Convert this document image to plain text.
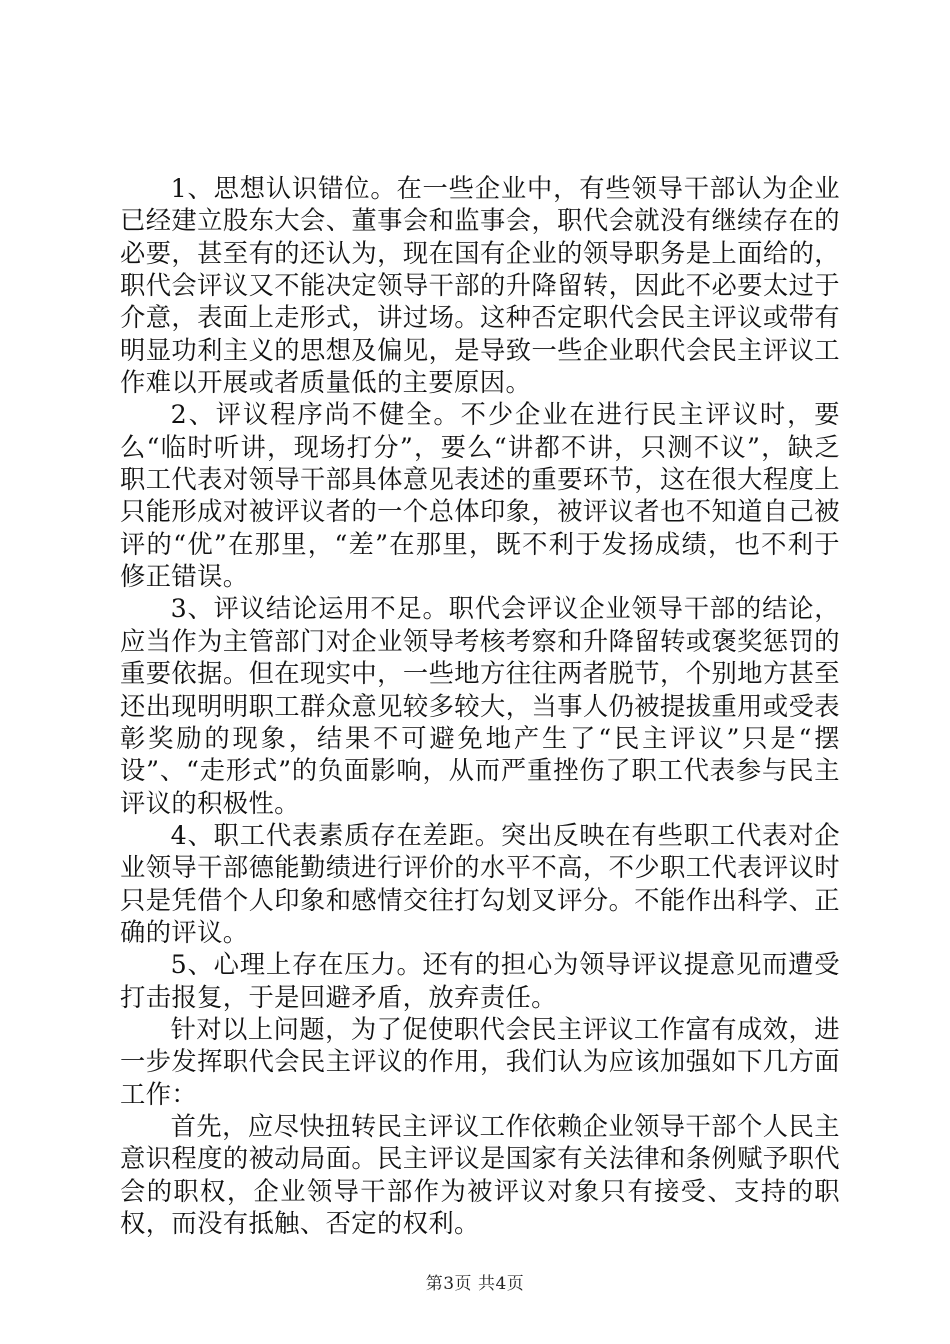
1、思想认识错位。在一些企业中，有些领导干部认为企业已经建立股东大会、董事会和监事会，职代会就没有继续存在的必要，甚至有的还认为，现在国有企业的领导职务是上面给的，职代会评议又不能决定领导干部的升降留转，因此不必要太过于介意，表面上走形式，讲过场。这种否定职代会民主评议或带有明显功利主义的思想及偏见，是导致一些企业职代会民主评议工作难以开展或者质量低的主要原因。

2、评议程序尚不健全。不少企业在进行民主评议时，要么“临时听讲，现场打分”，要么“讲都不讲，只测不议”，缺乏职工代表对领导干部具体意见表述的重要环节，这在很大程度上只能形成对被评议者的一个总体印象，被评议者也不知道自己被评的“优”在那里，“差”在那里，既不利于发扬成绩，也不利于修正错误。

3、评议结论运用不足。职代会评议企业领导干部的结论，应当作为主管部门对企业领导考核考察和升降留转或褒奖惩罚的重要依据。但在现实中，一些地方往往两者脱节，个别地方甚至还出现明明职工群众意见较多较大，当事人仍被提拔重用或受表彰奖励的现象，结果不可避免地产生了“民主评议”只是“摆设”、“走形式”的负面影响，从而严重挫伤了职工代表参与民主评议的积极性。

4、职工代表素质存在差距。突出反映在有些职工代表对企业领导干部德能勤绩进行评价的水平不高，不少职工代表评议时只是凭借个人印象和感情交往打勾划叉评分。不能作出科学、正确的评议。

5、心理上存在压力。还有的担心为领导评议提意见而遭受打击报复，于是回避矛盾，放弃责任。

针对以上问题，为了促使职代会民主评议工作富有成效，进一步发挥职代会民主评议的作用，我们认为应该加强如下几方面工作：

首先，应尽快扭转民主评议工作依赖企业领导干部个人民主意识程度的被动局面。民主评议是国家有关法律和条例赋予职代会的职权，企业领导干部作为被评议对象只有接受、支持的职权，而没有抵触、否定的权利。

第3页 共4页
